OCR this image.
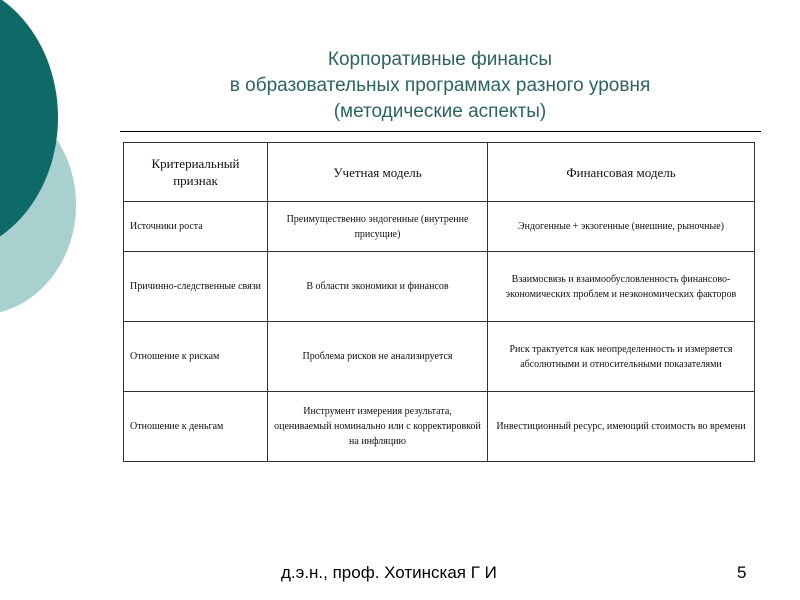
Корпоративные финансы
в образовательных программах разного уровня
(методические аспекты)
Критериальный признак	Учетная модель	Финансовая модель
Источники роста	Преимущественно эндогенные (внутренне присущие)	Эндогенные + экзогенные (внешние, рыночные)
Причинно-следственные связи	В области экономики и финансов	Взаимосвязь и взаимообусловленность финансово-экономических проблем и неэкономических факторов
Отношение к рискам	Проблема рисков не анализируется	Риск трактуется как неопределенность и измеряется абсолютными и относительными показателями
Отношение к деньгам	Инструмент измерения результата, оцениваемый номинально или с корректировкой на инфляцию	Инвестиционный ресурс, имеющий стоимость во времени
д.э.н., проф. Хотинская Г И	5
